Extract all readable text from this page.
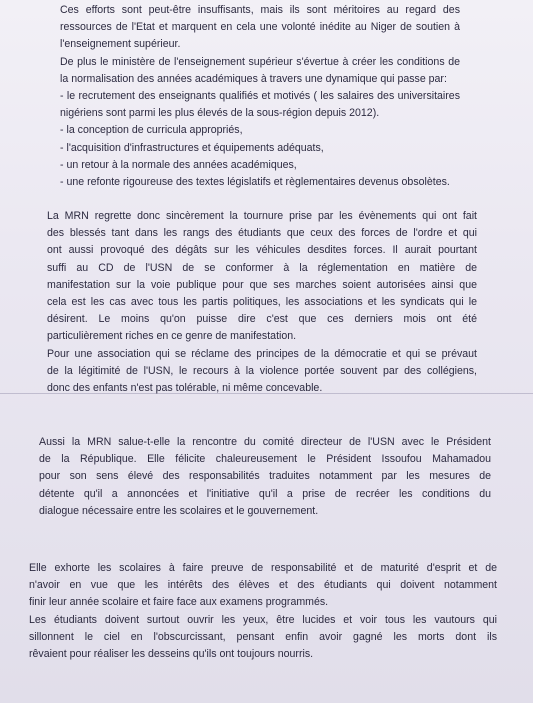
Ces efforts sont peut-être insuffisants, mais ils sont méritoires au regard des
ressources de l'Etat et marquent en cela une volonté inédite au Niger de soutien à
l'enseignement supérieur.
De plus le ministère de l'enseignement supérieur s'évertue à créer les conditions de
la normalisation des années académiques à travers une dynamique qui passe par:
- le recrutement des enseignants qualifiés et motivés ( les salaires des universitaires
nigériens sont parmi les plus élevés de la sous-région depuis 2012).
- la conception de curricula appropriés,
- l'acquisition d'infrastructures et équipements adéquats,
- un retour à la normale des années académiques,
- une refonte rigoureuse des textes législatifs et règlementaires devenus obsolètes.
La MRN regrette donc sincèrement la tournure prise par les évènements qui ont fait
des blessés tant dans les rangs des étudiants que ceux des forces de l'ordre et qui
ont aussi provoqué des dégâts sur les véhicules desdites forces. Il aurait pourtant
suffi au CD de l'USN de se conformer à la réglementation en matière de
manifestation sur la voie publique pour que ses marches soient autorisées ainsi que
cela est les cas avec tous les partis politiques, les associations et les syndicats qui le
désirent. Le moins qu'on puisse dire c'est que ces derniers mois ont été
particulièrement riches en ce genre de manifestation.
Pour une association qui se réclame des principes de la démocratie et qui se prévaut
de la légitimité de l'USN, le recours à la violence portée souvent par des collégiens,
donc des enfants n'est pas tolérable, ni même concevable.
Aussi la MRN salue-t-elle la rencontre du comité directeur de l'USN avec le Président
de la République. Elle félicite chaleureusement le Président Issoufou Mahamadou
pour son sens élevé des responsabilités traduites notamment par les mesures de
détente qu'il a annoncées et l'initiative qu'il a prise de recréer les conditions du
dialogue nécessaire entre les scolaires et le gouvernement.
Elle exhorte les scolaires à faire preuve de responsabilité et de maturité d'esprit et de
n'avoir en vue que les intérêts des élèves et des étudiants qui doivent notamment
finir leur année scolaire et faire face aux examens programmés.
Les étudiants doivent surtout ouvrir les yeux, être lucides et voir tous les vautours qui
sillonnent le ciel en l'obscurcissant, pensant enfin avoir gagné les morts dont ils
rêvaient pour réaliser les desseins qu'ils ont toujours nourris.
